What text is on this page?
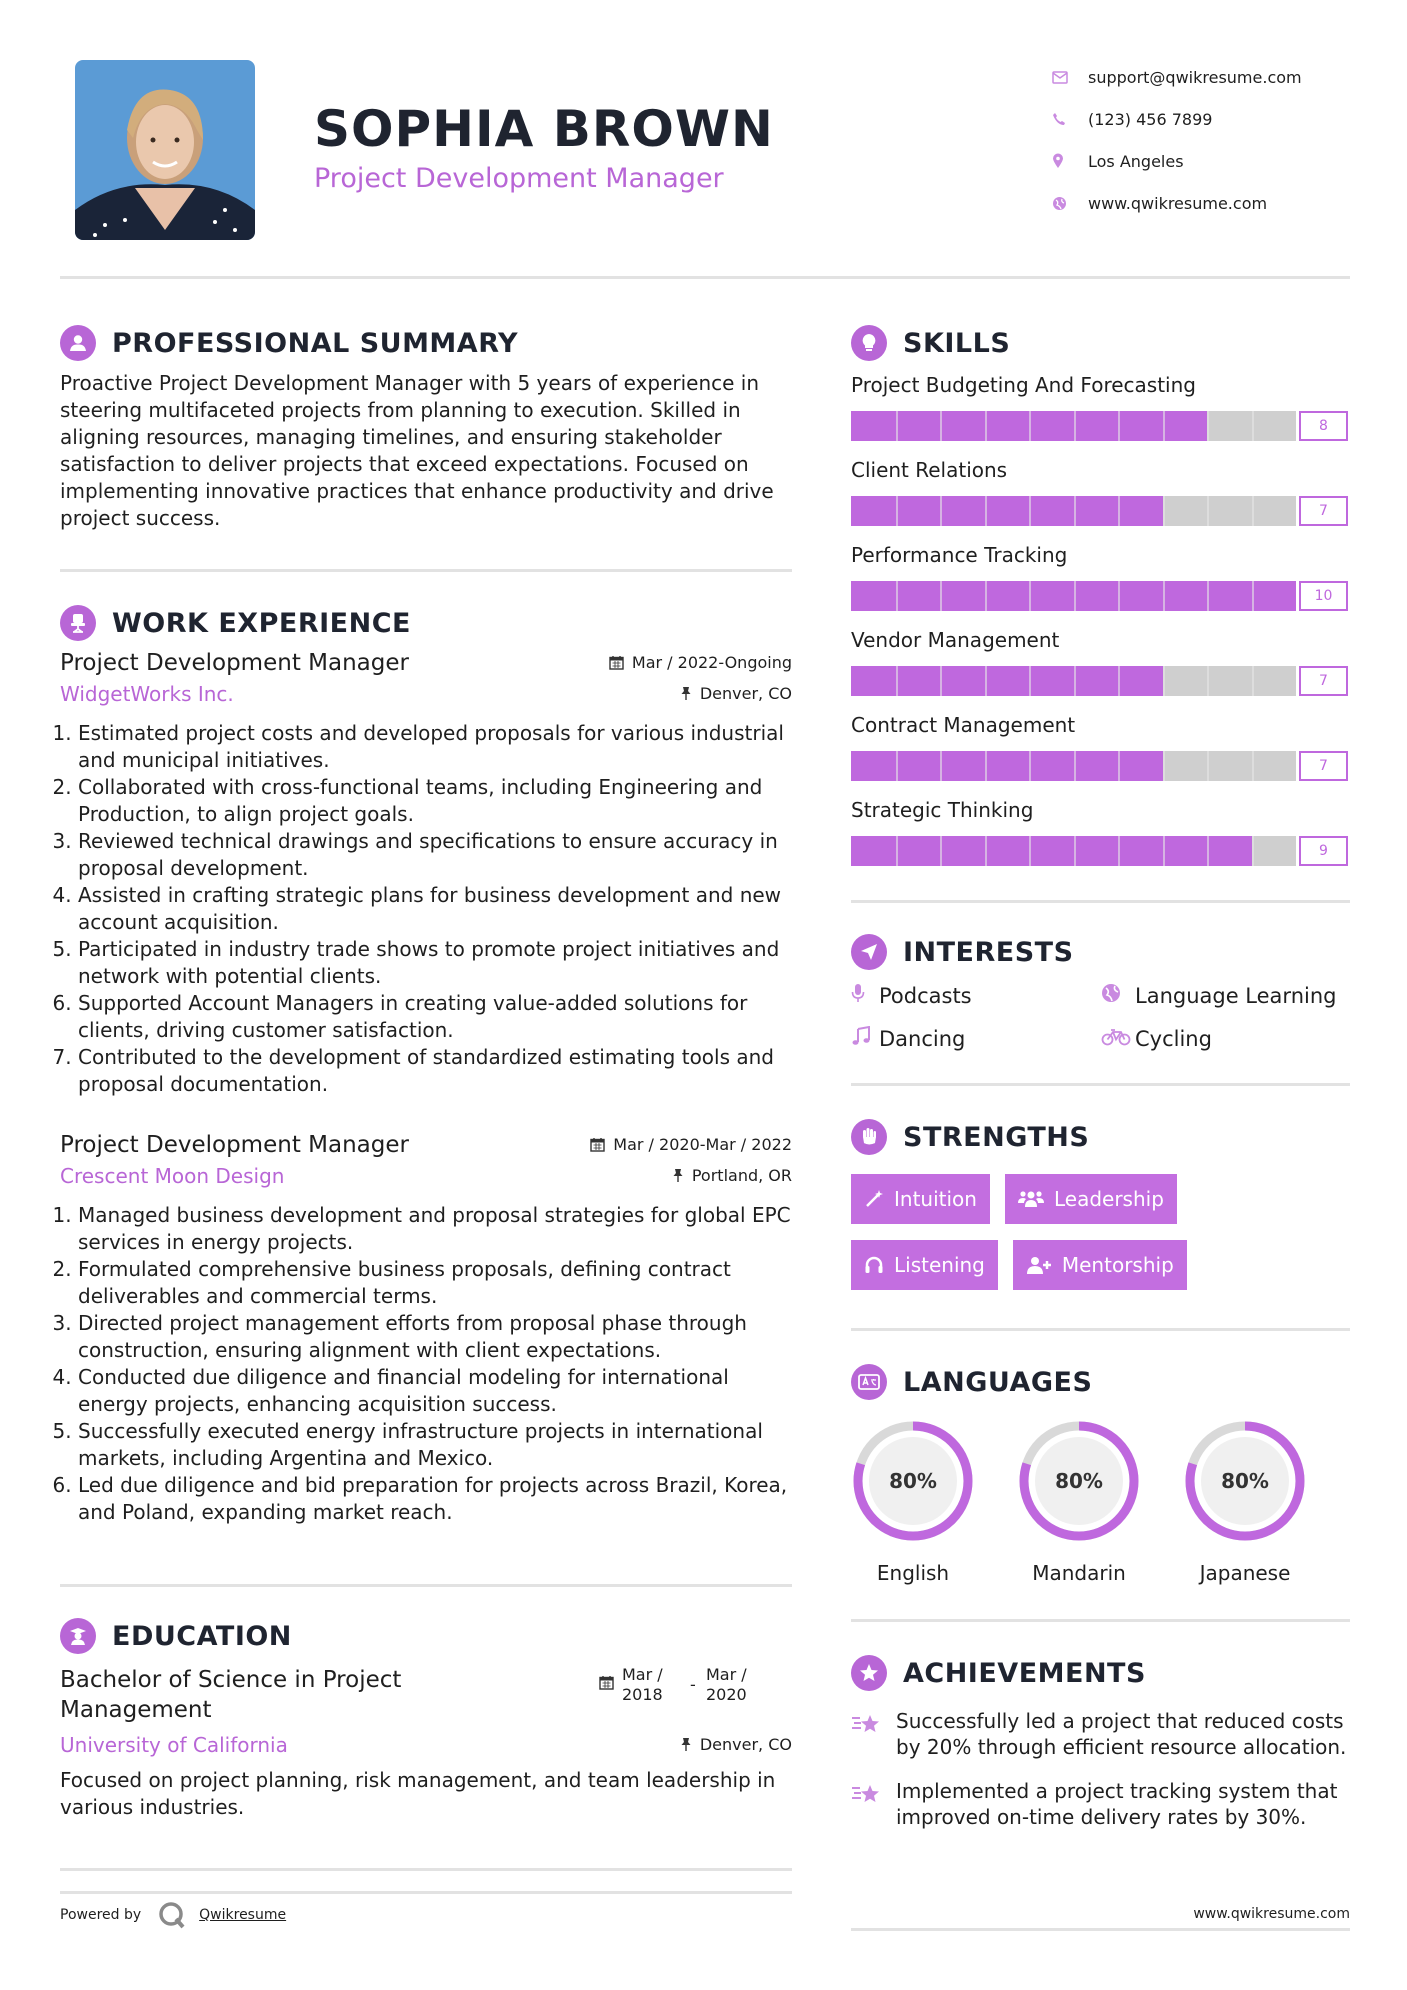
SOPHIA BROWN
Project Development Manager
support@qwikresume.com
(123) 456 7899
Los Angeles
www.qwikresume.com
PROFESSIONAL SUMMARY
Proactive Project Development Manager with 5 years of experience in steering multifaceted projects from planning to execution. Skilled in aligning resources, managing timelines, and ensuring stakeholder satisfaction to deliver projects that exceed expectations. Focused on implementing innovative practices that enhance productivity and drive project success.
WORK EXPERIENCE
Project Development Manager	Mar / 2022-Ongoing
WidgetWorks Inc.	Denver, CO
1. Estimated project costs and developed proposals for various industrial and municipal initiatives.
2. Collaborated with cross-functional teams, including Engineering and Production, to align project goals.
3. Reviewed technical drawings and specifications to ensure accuracy in proposal development.
4. Assisted in crafting strategic plans for business development and new account acquisition.
5. Participated in industry trade shows to promote project initiatives and network with potential clients.
6. Supported Account Managers in creating value-added solutions for clients, driving customer satisfaction.
7. Contributed to the development of standardized estimating tools and proposal documentation.
Project Development Manager	Mar / 2020-Mar / 2022
Crescent Moon Design	Portland, OR
1. Managed business development and proposal strategies for global EPC services in energy projects.
2. Formulated comprehensive business proposals, defining contract deliverables and commercial terms.
3. Directed project management efforts from proposal phase through construction, ensuring alignment with client expectations.
4. Conducted due diligence and financial modeling for international energy projects, enhancing acquisition success.
5. Successfully executed energy infrastructure projects in international markets, including Argentina and Mexico.
6. Led due diligence and bid preparation for projects across Brazil, Korea, and Poland, expanding market reach.
EDUCATION
Bachelor of Science in Project Management
Mar / 2018
-
Mar / 2020
University of California	Denver, CO
Focused on project planning, risk management, and team leadership in various industries.
SKILLS
Project Budgeting And Forecasting
8
Client Relations
7
Performance Tracking
10
Vendor Management
7
Contract Management
7
Strategic Thinking
9
INTERESTS
Podcasts	Language Learning
Dancing	Cycling
STRENGTHS
Intuition	Leadership
Listening	Mentorship
LANGUAGES
80%
English
80%
Mandarin
80%
Japanese
ACHIEVEMENTS
Successfully led a project that reduced costs by 20% through efficient resource allocation.
Implemented a project tracking system that improved on-time delivery rates by 30%.
Powered by	Qwikresume	www.qwikresume.com
